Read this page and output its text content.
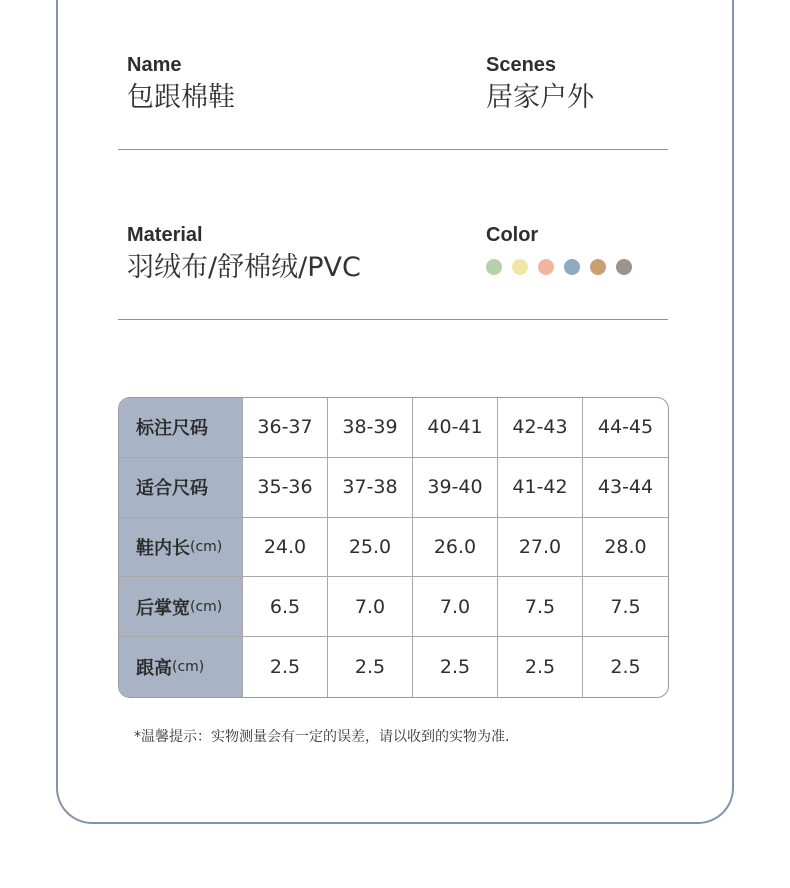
Name
包跟棉鞋
Scenes
居家户外
Material
羽绒布/舒棉绒/PVC
Color
标注尺码	36-37	38-39	40-41	42-43	44-45
适合尺码	35-36	37-38	39-40	41-42	43-44
鞋内长 (cm)	24.0	25.0	26.0	27.0	28.0
后掌宽 (cm)	6.5	7.0	7.0	7.5	7.5
跟高 (cm)	2.5	2.5	2.5	2.5	2.5
*温馨提示：实物测量会有一定的误差，请以收到的实物为准.
